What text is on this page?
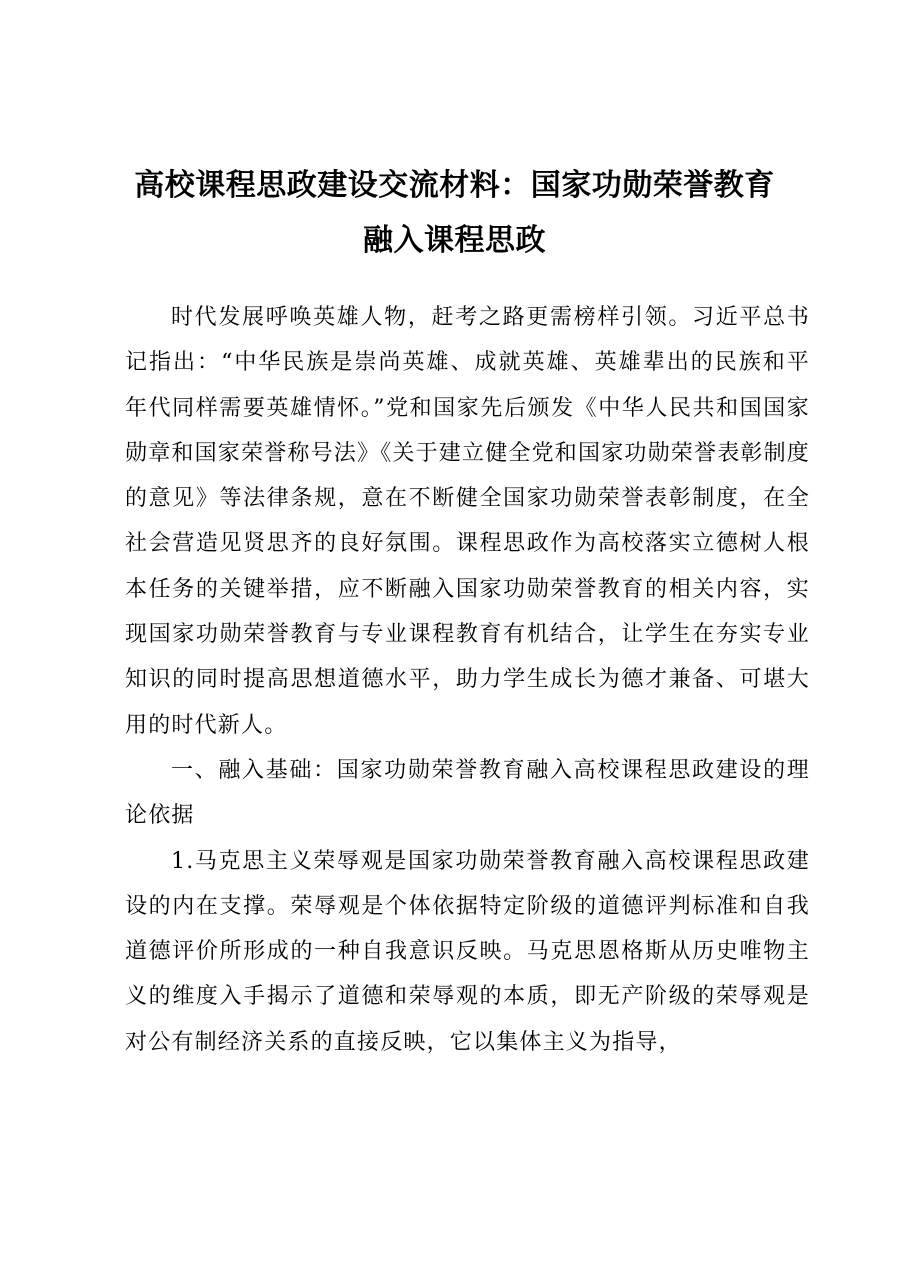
高校课程思政建设交流材料：国家功勋荣誉教育
融入课程思政

时代发展呼唤英雄人物，赶考之路更需榜样引领。习近平总书记指出：“中华民族是崇尚英雄、成就英雄、英雄辈出的民族和平年代同样需要英雄情怀。”党和国家先后颁发《中华人民共和国国家勋章和国家荣誉称号法》《关于建立健全党和国家功勋荣誉表彰制度的意见》等法律条规，意在不断健全国家功勋荣誉表彰制度，在全社会营造见贤思齐的良好氛围。课程思政作为高校落实立德树人根本任务的关键举措，应不断融入国家功勋荣誉教育的相关内容，实现国家功勋荣誉教育与专业课程教育有机结合，让学生在夯实专业知识的同时提高思想道德水平，助力学生成长为德才兼备、可堪大用的时代新人。

一、融入基础：国家功勋荣誉教育融入高校课程思政建设的理论依据

1.马克思主义荣辱观是国家功勋荣誉教育融入高校课程思政建设的内在支撑。荣辱观是个体依据特定阶级的道德评判标准和自我道德评价所形成的一种自我意识反映。马克思恩格斯从历史唯物主义的维度入手揭示了道德和荣辱观的本质，即无产阶级的荣辱观是对公有制经济关系的直接反映，它以集体主义为指导，
